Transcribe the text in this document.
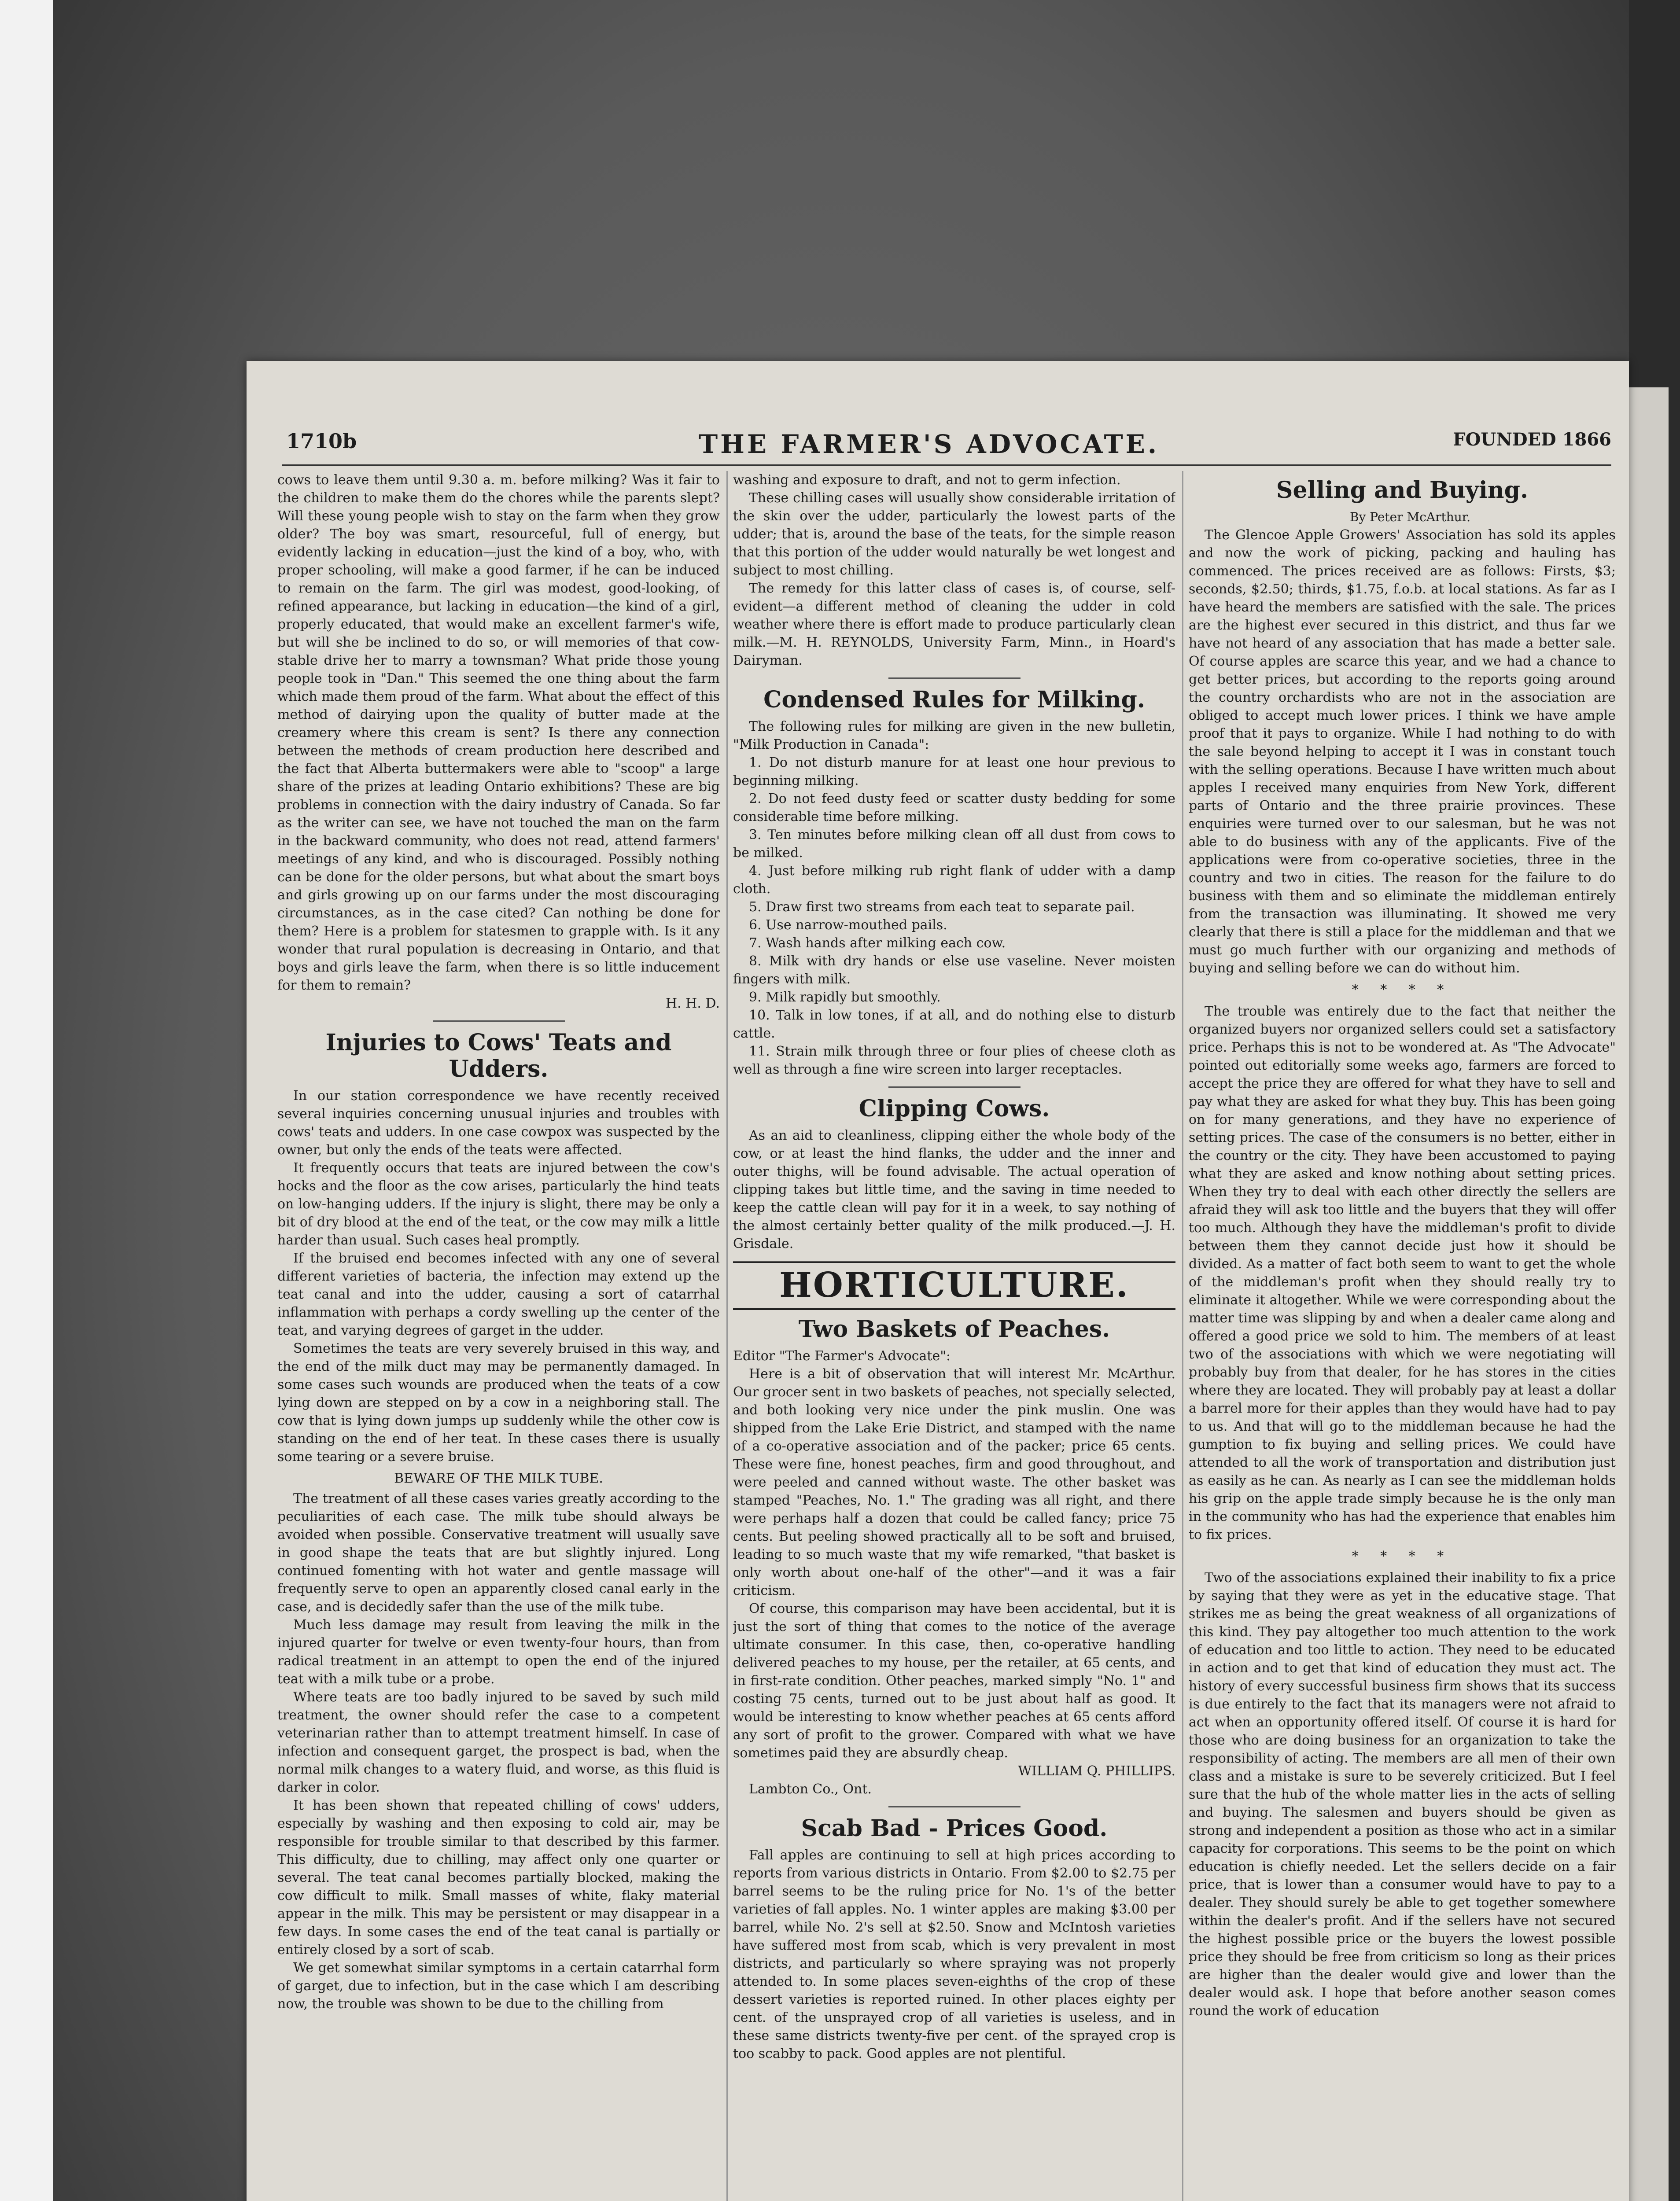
1710b	THE FARMER'S ADVOCATE.	FOUNDED 1866

cows to leave them until 9.30 a. m. before milking? Was it fair to the children to make them do the chores while the parents slept? Will these young people wish to stay on the farm when they grow older? The boy was smart, resourceful, full of energy, but evidently lacking in education—just the kind of a boy, who, with proper schooling, will make a good farmer, if he can be induced to remain on the farm. The girl was modest, good-looking, of refined appearance, but lacking in education—the kind of a girl, properly educated, that would make an excellent farmer's wife, but will she be inclined to do so, or will memories of that cow-stable drive her to marry a townsman? What pride those young people took in "Dan." This seemed the one thing about the farm which made them proud of the farm. What about the effect of this method of dairying upon the quality of butter made at the creamery where this cream is sent? Is there any connection between the methods of cream production here described and the fact that Alberta buttermakers were able to "scoop" a large share of the prizes at leading Ontario exhibitions? These are big problems in connection with the dairy industry of Canada. So far as the writer can see, we have not touched the man on the farm in the backward community, who does not read, attend farmers' meetings of any kind, and who is discouraged. Possibly nothing can be done for the older persons, but what about the smart boys and girls growing up on our farms under the most discouraging circumstances, as in the case cited? Can nothing be done for them? Here is a problem for statesmen to grapple with. Is it any wonder that rural population is decreasing in Ontario, and that boys and girls leave the farm, when there is so little inducement for them to remain?

H. H. D.

Injuries to Cows' Teats and Udders.

In our station correspondence we have recently received several inquiries concerning unusual injuries and troubles with cows' teats and udders. In one case cowpox was suspected by the owner, but only the ends of the teats were affected.

It frequently occurs that teats are injured between the cow's hocks and the floor as the cow arises, particularly the hind teats on low-hanging udders. If the injury is slight, there may be only a bit of dry blood at the end of the teat, or the cow may milk a little harder than usual. Such cases heal promptly.

If the bruised end becomes infected with any one of several different varieties of bacteria, the infection may extend up the teat canal and into the udder, causing a sort of catarrhal inflammation with perhaps a cordy swelling up the center of the teat, and varying degrees of garget in the udder.

Sometimes the teats are very severely bruised in this way, and the end of the milk duct may may be permanently damaged. In some cases such wounds are produced when the teats of a cow lying down are stepped on by a cow in a neighboring stall. The cow that is lying down jumps up suddenly while the other cow is standing on the end of her teat. In these cases there is usually some tearing or a severe bruise.

BEWARE OF THE MILK TUBE.

The treatment of all these cases varies greatly according to the peculiarities of each case. The milk tube should always be avoided when possible. Conservative treatment will usually save in good shape the teats that are but slightly injured. Long continued fomenting with hot water and gentle massage will frequently serve to open an apparently closed canal early in the case, and is decidedly safer than the use of the milk tube.

Much less damage may result from leaving the milk in the injured quarter for twelve or even twenty-four hours, than from radical treatment in an attempt to open the end of the injured teat with a milk tube or a probe.

Where teats are too badly injured to be saved by such mild treatment, the owner should refer the case to a competent veterinarian rather than to attempt treatment himself. In case of infection and consequent garget, the prospect is bad, when the normal milk changes to a watery fluid, and worse, as this fluid is darker in color.

It has been shown that repeated chilling of cows' udders, especially by washing and then exposing to cold air, may be responsible for trouble similar to that described by this farmer. This difficulty, due to chilling, may affect only one quarter or several. The teat canal becomes partially blocked, making the cow difficult to milk. Small masses of white, flaky material appear in the milk. This may be persistent or may disappear in a few days. In some cases the end of the teat canal is partially or entirely closed by a sort of scab.

We get somewhat similar symptoms in a certain catarrhal form of garget, due to infection, but in the case which I am describing now, the trouble was shown to be due to the chilling from

washing and exposure to draft, and not to germ infection.

These chilling cases will usually show considerable irritation of the skin over the udder, particularly the lowest parts of the udder; that is, around the base of the teats, for the simple reason that this portion of the udder would naturally be wet longest and subject to most chilling.

The remedy for this latter class of cases is, of course, self-evident—a different method of cleaning the udder in cold weather where there is effort made to produce particularly clean milk.—M. H. REYNOLDS, University Farm, Minn., in Hoard's Dairyman.

Condensed Rules for Milking.

The following rules for milking are given in the new bulletin, "Milk Production in Canada":

1. Do not disturb manure for at least one hour previous to beginning milking.

2. Do not feed dusty feed or scatter dusty bedding for some considerable time before milking.

3. Ten minutes before milking clean off all dust from cows to be milked.

4. Just before milking rub right flank of udder with a damp cloth.

5. Draw first two streams from each teat to separate pail.

6. Use narrow-mouthed pails.

7. Wash hands after milking each cow.

8. Milk with dry hands or else use vaseline. Never moisten fingers with milk.

9. Milk rapidly but smoothly.

10. Talk in low tones, if at all, and do nothing else to disturb cattle.

11. Strain milk through three or four plies of cheese cloth as well as through a fine wire screen into larger receptacles.

Clipping Cows.

As an aid to cleanliness, clipping either the whole body of the cow, or at least the hind flanks, the udder and the inner and outer thighs, will be found advisable. The actual operation of clipping takes but little time, and the saving in time needed to keep the cattle clean will pay for it in a week, to say nothing of the almost certainly better quality of the milk produced.—J. H. Grisdale.

HORTICULTURE.
Two Baskets of Peaches.

Editor "The Farmer's Advocate":

Here is a bit of observation that will interest Mr. McArthur. Our grocer sent in two baskets of peaches, not specially selected, and both looking very nice under the pink muslin. One was shipped from the Lake Erie District, and stamped with the name of a co-operative association and of the packer; price 65 cents. These were fine, honest peaches, firm and good throughout, and were peeled and canned without waste. The other basket was stamped "Peaches, No. 1." The grading was all right, and there were perhaps half a dozen that could be called fancy; price 75 cents. But peeling showed practically all to be soft and bruised, leading to so much waste that my wife remarked, "that basket is only worth about one-half of the other"—and it was a fair criticism.

Of course, this comparison may have been accidental, but it is just the sort of thing that comes to the notice of the average ultimate consumer. In this case, then, co-operative handling delivered peaches to my house, per the retailer, at 65 cents, and in first-rate condition. Other peaches, marked simply "No. 1" and costing 75 cents, turned out to be just about half as good. It would be interesting to know whether peaches at 65 cents afford any sort of profit to the grower. Compared with what we have sometimes paid they are absurdly cheap.

WILLIAM Q. PHILLIPS.

Lambton Co., Ont.

Scab Bad - Prices Good.

Fall apples are continuing to sell at high prices according to reports from various districts in Ontario. From $2.00 to $2.75 per barrel seems to be the ruling price for No. 1's of the better varieties of fall apples. No. 1 winter apples are making $3.00 per barrel, while No. 2's sell at $2.50. Snow and McIntosh varieties have suffered most from scab, which is very prevalent in most districts, and particularly so where spraying was not properly attended to. In some places seven-eighths of the crop of these dessert varieties is reported ruined. In other places eighty per cent. of the unsprayed crop of all varieties is useless, and in these same districts twenty-five per cent. of the sprayed crop is too scabby to pack. Good apples are not plentiful.

Selling and Buying.

By Peter McArthur.

The Glencoe Apple Growers' Association has sold its apples and now the work of picking, packing and hauling has commenced. The prices received are as follows: Firsts, $3; seconds, $2.50; thirds, $1.75, f.o.b. at local stations. As far as I have heard the members are satisfied with the sale. The prices are the highest ever secured in this district, and thus far we have not heard of any association that has made a better sale. Of course apples are scarce this year, and we had a chance to get better prices, but according to the reports going around the country orchardists who are not in the association are obliged to accept much lower prices. I think we have ample proof that it pays to organize. While I had nothing to do with the sale beyond helping to accept it I was in constant touch with the selling operations. Because I have written much about apples I received many enquiries from New York, different parts of Ontario and the three prairie provinces. These enquiries were turned over to our salesman, but he was not able to do business with any of the applicants. Five of the applications were from co-operative societies, three in the country and two in cities. The reason for the failure to do business with them and so eliminate the middleman entirely from the transaction was illuminating. It showed me very clearly that there is still a place for the middleman and that we must go much further with our organizing and methods of buying and selling before we can do without him.

* * * *

The trouble was entirely due to the fact that neither the organized buyers nor organized sellers could set a satisfactory price. Perhaps this is not to be wondered at. As "The Advocate" pointed out editorially some weeks ago, farmers are forced to accept the price they are offered for what they have to sell and pay what they are asked for what they buy. This has been going on for many generations, and they have no experience of setting prices. The case of the consumers is no better, either in the country or the city. They have been accustomed to paying what they are asked and know nothing about setting prices. When they try to deal with each other directly the sellers are afraid they will ask too little and the buyers that they will offer too much. Although they have the middleman's profit to divide between them they cannot decide just how it should be divided. As a matter of fact both seem to want to get the whole of the middleman's profit when they should really try to eliminate it altogether. While we were corresponding about the matter time was slipping by and when a dealer came along and offered a good price we sold to him. The members of at least two of the associations with which we were negotiating will probably buy from that dealer, for he has stores in the cities where they are located. They will probably pay at least a dollar a barrel more for their apples than they would have had to pay to us. And that will go to the middleman because he had the gumption to fix buying and selling prices. We could have attended to all the work of transportation and distribution just as easily as he can. As nearly as I can see the middleman holds his grip on the apple trade simply because he is the only man in the community who has had the experience that enables him to fix prices.

* * * *

Two of the associations explained their inability to fix a price by saying that they were as yet in the educative stage. That strikes me as being the great weakness of all organizations of this kind. They pay altogether too much attention to the work of education and too little to action. They need to be educated in action and to get that kind of education they must act. The history of every successful business firm shows that its success is due entirely to the fact that its managers were not afraid to act when an opportunity offered itself. Of course it is hard for those who are doing business for an organization to take the responsibility of acting. The members are all men of their own class and a mistake is sure to be severely criticized. But I feel sure that the hub of the whole matter lies in the acts of selling and buying. The salesmen and buyers should be given as strong and independent a position as those who act in a similar capacity for corporations. This seems to be the point on which education is chiefly needed. Let the sellers decide on a fair price, that is lower than a consumer would have to pay to a dealer. They should surely be able to get together somewhere within the dealer's profit. And if the sellers have not secured the highest possible price or the buyers the lowest possible price they should be free from criticism so long as their prices are higher than the dealer would give and lower than the dealer would ask. I hope that before another season comes round the work of education
